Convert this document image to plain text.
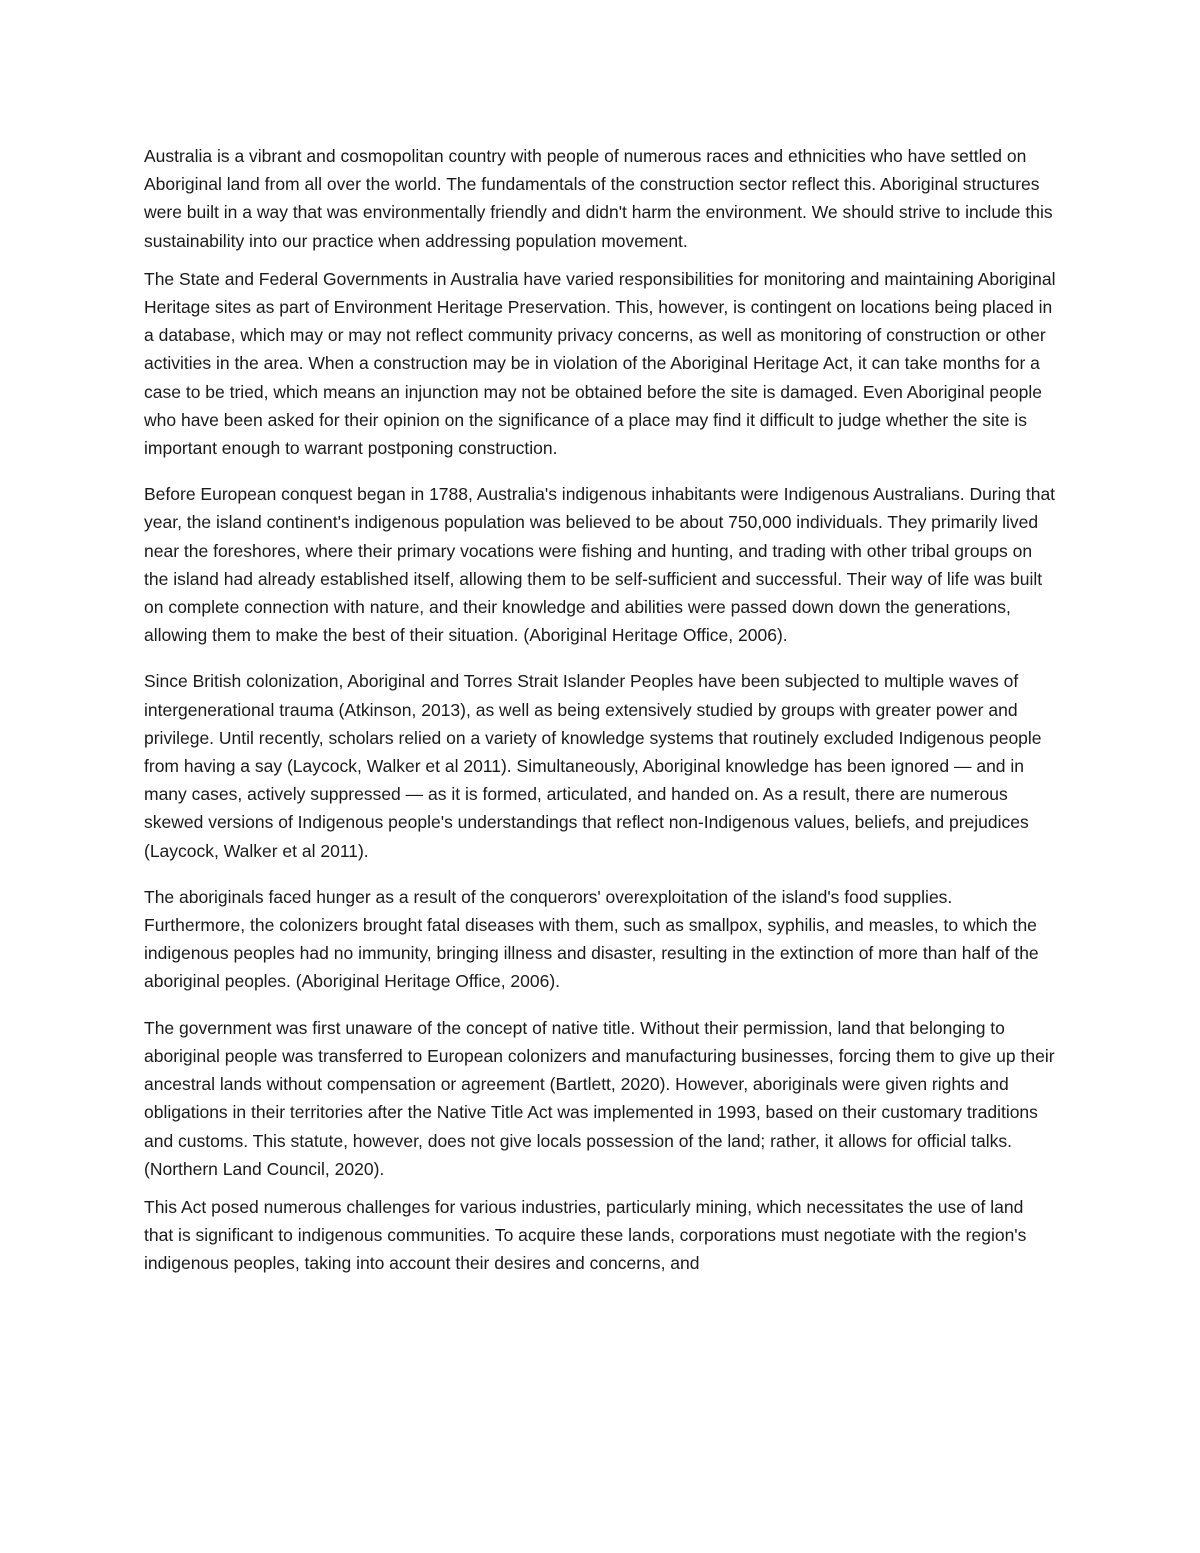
Australia is a vibrant and cosmopolitan country with people of numerous races and ethnicities who have settled on Aboriginal land from all over the world. The fundamentals of the construction sector reflect this. Aboriginal structures were built in a way that was environmentally friendly and didn't harm the environment. We should strive to include this sustainability into our practice when addressing population movement.

The State and Federal Governments in Australia have varied responsibilities for monitoring and maintaining Aboriginal Heritage sites as part of Environment Heritage Preservation. This, however, is contingent on locations being placed in a database, which may or may not reflect community privacy concerns, as well as monitoring of construction or other activities in the area. When a construction may be in violation of the Aboriginal Heritage Act, it can take months for a case to be tried, which means an injunction may not be obtained before the site is damaged. Even Aboriginal people who have been asked for their opinion on the significance of a place may find it difficult to judge whether the site is important enough to warrant postponing construction.

Before European conquest began in 1788, Australia's indigenous inhabitants were Indigenous Australians. During that year, the island continent's indigenous population was believed to be about 750,000 individuals. They primarily lived near the foreshores, where their primary vocations were fishing and hunting, and trading with other tribal groups on the island had already established itself, allowing them to be self-sufficient and successful. Their way of life was built on complete connection with nature, and their knowledge and abilities were passed down down the generations, allowing them to make the best of their situation. (Aboriginal Heritage Office, 2006).

Since British colonization, Aboriginal and Torres Strait Islander Peoples have been subjected to multiple waves of intergenerational trauma (Atkinson, 2013), as well as being extensively studied by groups with greater power and privilege. Until recently, scholars relied on a variety of knowledge systems that routinely excluded Indigenous people from having a say (Laycock, Walker et al 2011). Simultaneously, Aboriginal knowledge has been ignored — and in many cases, actively suppressed — as it is formed, articulated, and handed on. As a result, there are numerous skewed versions of Indigenous people's understandings that reflect non-Indigenous values, beliefs, and prejudices (Laycock, Walker et al 2011).

The aboriginals faced hunger as a result of the conquerors' overexploitation of the island's food supplies. Furthermore, the colonizers brought fatal diseases with them, such as smallpox, syphilis, and measles, to which the indigenous peoples had no immunity, bringing illness and disaster, resulting in the extinction of more than half of the aboriginal peoples. (Aboriginal Heritage Office, 2006).

The government was first unaware of the concept of native title. Without their permission, land that belonging to aboriginal people was transferred to European colonizers and manufacturing businesses, forcing them to give up their ancestral lands without compensation or agreement (Bartlett, 2020). However, aboriginals were given rights and obligations in their territories after the Native Title Act was implemented in 1993, based on their customary traditions and customs. This statute, however, does not give locals possession of the land; rather, it allows for official talks. (Northern Land Council, 2020).

This Act posed numerous challenges for various industries, particularly mining, which necessitates the use of land that is significant to indigenous communities. To acquire these lands, corporations must negotiate with the region's indigenous peoples, taking into account their desires and concerns, and
